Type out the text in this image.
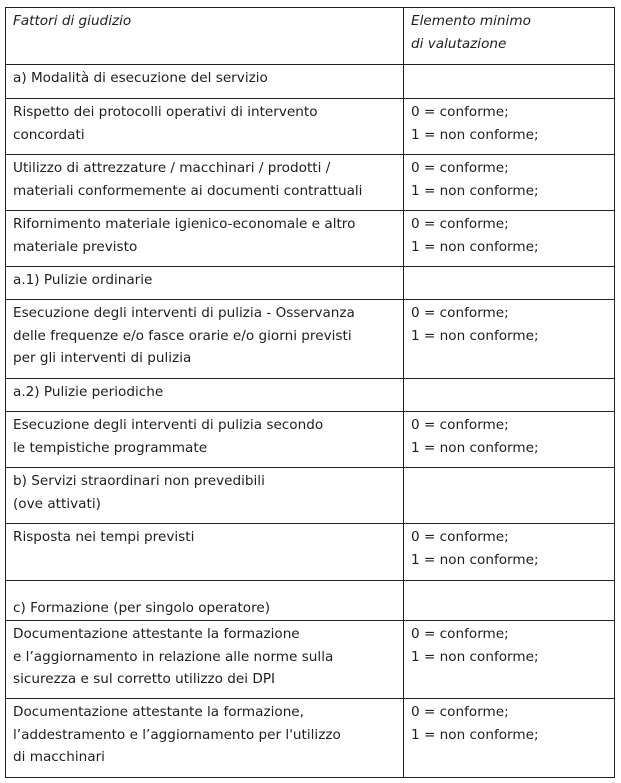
Fattori di giudizio	Elemento minimo
di valutazione

a) Modalità di esecuzione del servizio	

Rispetto dei protocolli operativi di intervento
concordati	0 = conforme;
1 = non conforme;

Utilizzo di attrezzature / macchinari / prodotti /
materiali conformemente ai documenti contrattuali	0 = conforme;
1 = non conforme;

Rifornimento materiale igienico-economale e altro
materiale previsto	0 = conforme;
1 = non conforme;

a.1) Pulizie ordinarie	

Esecuzione degli interventi di pulizia - Osservanza
delle frequenze e/o fasce orarie e/o giorni previsti
per gli interventi di pulizia	0 = conforme;
1 = non conforme;

a.2) Pulizie periodiche	

Esecuzione degli interventi di pulizia secondo
le tempistiche programmate	0 = conforme;
1 = non conforme;

b) Servizi straordinari non prevedibili
(ove attivati)	

Risposta nei tempi previsti	0 = conforme;
1 = non conforme;

c) Formazione (per singolo operatore)	

Documentazione attestante la formazione
e l’aggiornamento in relazione alle norme sulla
sicurezza e sul corretto utilizzo dei DPI	0 = conforme;
1 = non conforme;

Documentazione attestante la formazione,
l’addestramento e l’aggiornamento per l'utilizzo
di macchinari	0 = conforme;
1 = non conforme;
